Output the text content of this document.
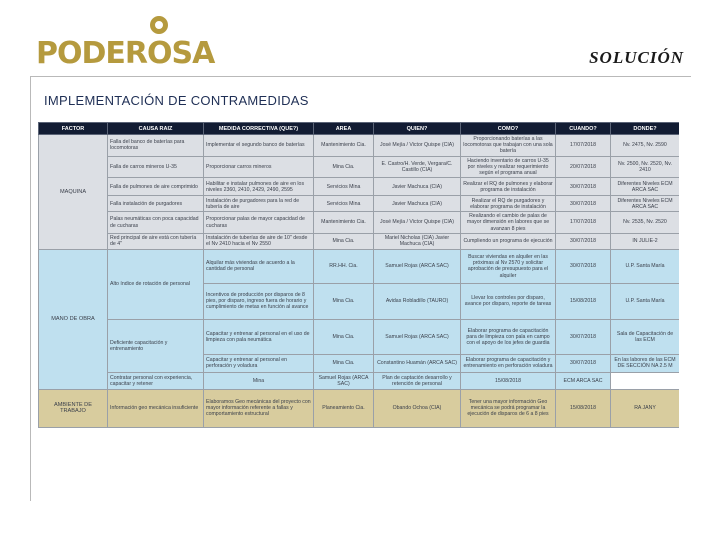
PODEROSA	SOLUCIÓN
IMPLEMENTACIÓN DE CONTRAMEDIDAS
FACTOR	CAUSA RAIZ	MEDIDA CORRECTIVA (QUE?)	AREA	QUIEN?	COMO?	CUANDO?	DONDE?
MAQUINA	Falla del banco de baterías para locomotoras	Implementar el segundo banco de baterías	Mantenimiento Cia.	José Mejía / Victor Quispe (CIA)	Proporcionando baterías a las locomotoras que trabajan con una sola batería	17/07/2018	Nv. 2475, Nv. 2590
	Falla de carros mineros U-35	Proporcionar carros mineros	Mina Cia.	E. Castro/H. Verde, Vergara/C. Castillo (CIA)	Haciendo inventario de carros U-35 por niveles y realizar requerimiento según el programa anual	20/07/2018	Nv. 2500, Nv. 2520, Nv. 2410
	Falla de pulmones de aire comprimido	Habilitar e instalar pulmones de aire en los niveles 2360, 2410, 2429, 2490, 2595	Servicios Mina	Javier Machuca (CIA)	Realizar el RQ de pulmones y elaborar programa de instalación	30/07/2018	Diferentes Niveles ECM ARCA SAC
	Falla instalación de purgadores	Instalación de purgadores para la red de tubería de aire	Servicios Mina	Javier Machuca (CIA)	Realizar el RQ de purgadores y elaborar programa de instalación	30/07/2018	Diferentes Niveles ECM ARCA SAC
	Palas neumáticas con poca capacidad de cucharas	Proporcionar palas de mayor capacidad de cucharas	Mantenimiento Cia.	José Mejía / Victor Quispe (CIA)	Realizando el cambio de palas de mayor dimensión en labores que se avanzan 8 pies	17/07/2018	Nv. 2535, Nv. 2520
	Red principal de aire está con tubería de 4"	Instalación de tuberías de aire de 10" desde el Nv 2410 hacia el Nv 2550	Mina Cia.	Mariel Nicholas (CIA) Javier Machuca (CIA)	Cumpliendo un programa de ejecución	30/07/2018	IN JULIE-2
MANO DE OBRA	Alto índice de rotación de personal	Alquilar más viviendas de acuerdo a la cantidad de personal	RR.HH. Cia.	Samuel Rojas (ARCA SAC)	Buscar viviendas en alquiler en las próximas al Nv 2570 y solicitar aprobación de presupuesto para el alquiler	30/07/2018	U.P. Santa María
		Incentivos de producción por disparos de 8 pies, por disparo, ingreso fuera de horario y cumplimiento de metas en función al avance	Mina Cia.	Avidas Robladillo (TAURO)	Llevar los controles por disparo, avance por disparo, reporte de tareas	15/08/2018	U.P. Santa María
	Deficiente capacitación y entrenamiento	Capacitar y entrenar al personal en el uso de limpieza con pala neumática	Mina Cia.	Samuel Rojas (ARCA SAC)	Elaborar programa de capacitación para de limpieza con pala en campo con el apoyo de los jefes de guardia	30/07/2018	Sala de Capacitación de las ECM
		Capacitar y entrenar al personal en perforación y voladura	Mina Cia.	Constantino Huamán (ARCA SAC)	Elaborar programa de capacitación y entrenamiento en perforación voladura	30/07/2018	En las labores de las ECM DE SECCIÓN NA 2.5 M
	Contratar personal con experiencia, capacitar y retener	Mina	Samuel Rojas (ARCA SAC)	Plan de captación desarrollo y retención de personal	15/08/2018	ECM ARCA SAC	
AMBIENTE DE TRABAJO	Información geo mecánica insuficiente	Elaboramos Geo mecánicas del proyecto con mayor información referente a fallas y comportamiento estructural	Planeamiento Cia.	Obando Ochoa (CIA)	Tener una mayor información Geo mecánica se podrá programar la ejecución de disparos de 6 a 8 pies	15/08/2018	RA JANY
